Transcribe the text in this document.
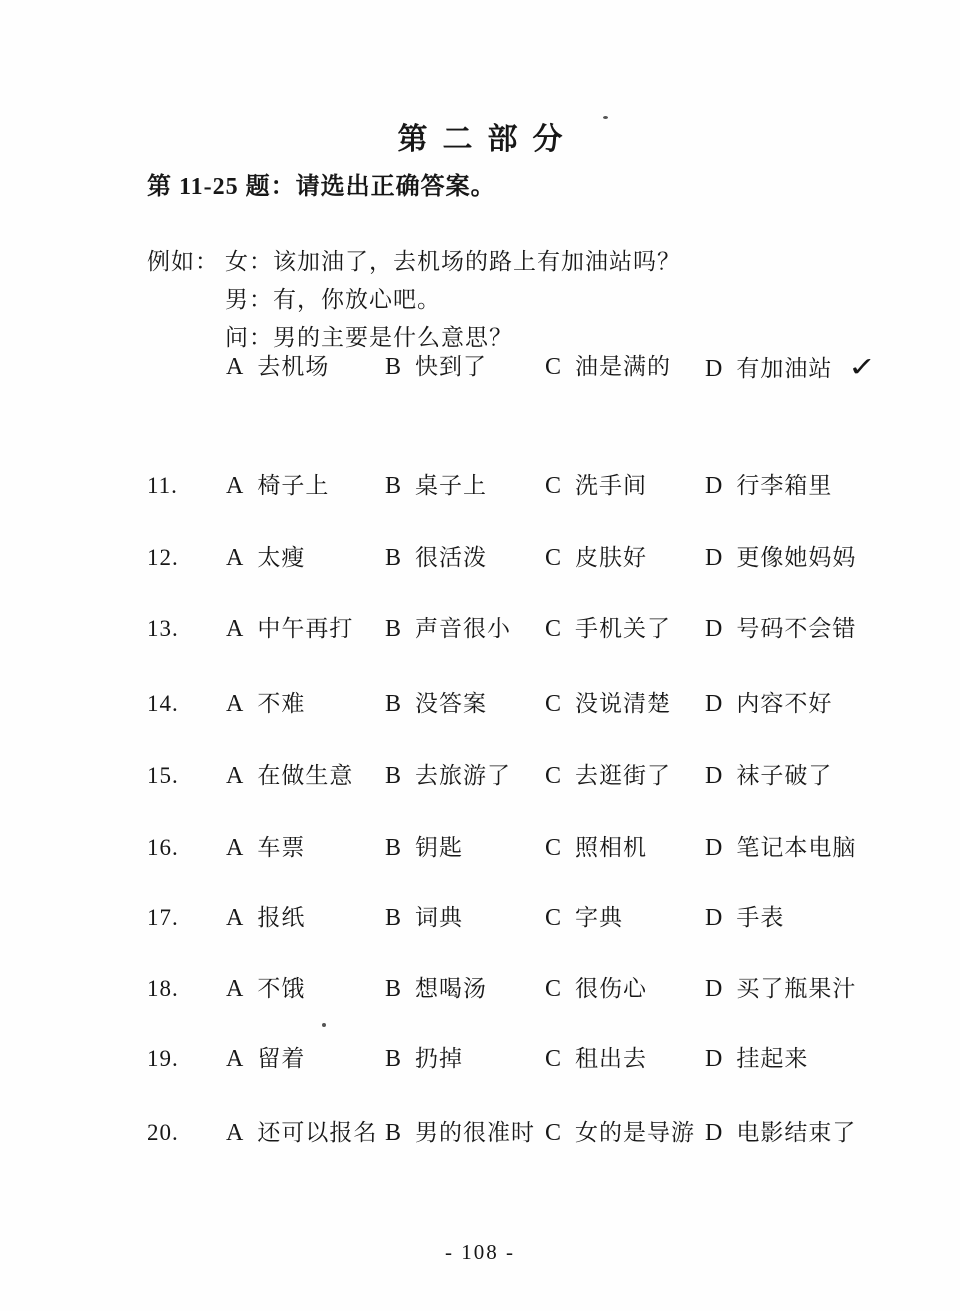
第二部分
第 11-25 题：请选出正确答案。
例如： 女：该加油了，去机场的路上有加油站吗？
男：有，你放心吧。
问：男的主要是什么意思？
A 去机场 B 快到了 C 油是满的 D 有加油站 ✓
11. A 椅子上 B 桌子上 C 洗手间 D 行李箱里
12. A 太瘦	B 很活泼 C 皮肤好 D 更像她妈妈
13. A 中午再打 B 声音很小 C 手机关了 D 号码不会错
14. A 不难	B 没答案 C 没说清楚 D 内容不好
15. A 在做生意 B 去旅游了 C 去逛街了 D 袜子破了
16. A 车票	B 钥匙	C 照相机 D 笔记本电脑
17. A 报纸	B 词典	C 字典	D 手表
18. A 不饿	B 想喝汤 C 很伤心 D 买了瓶果汁
19. A 留着	B 扔掉	C 租出去 D 挂起来
20. A 还可以报名 B 男的很准时 C 女的是导游 D 电影结束了
- 108 -
